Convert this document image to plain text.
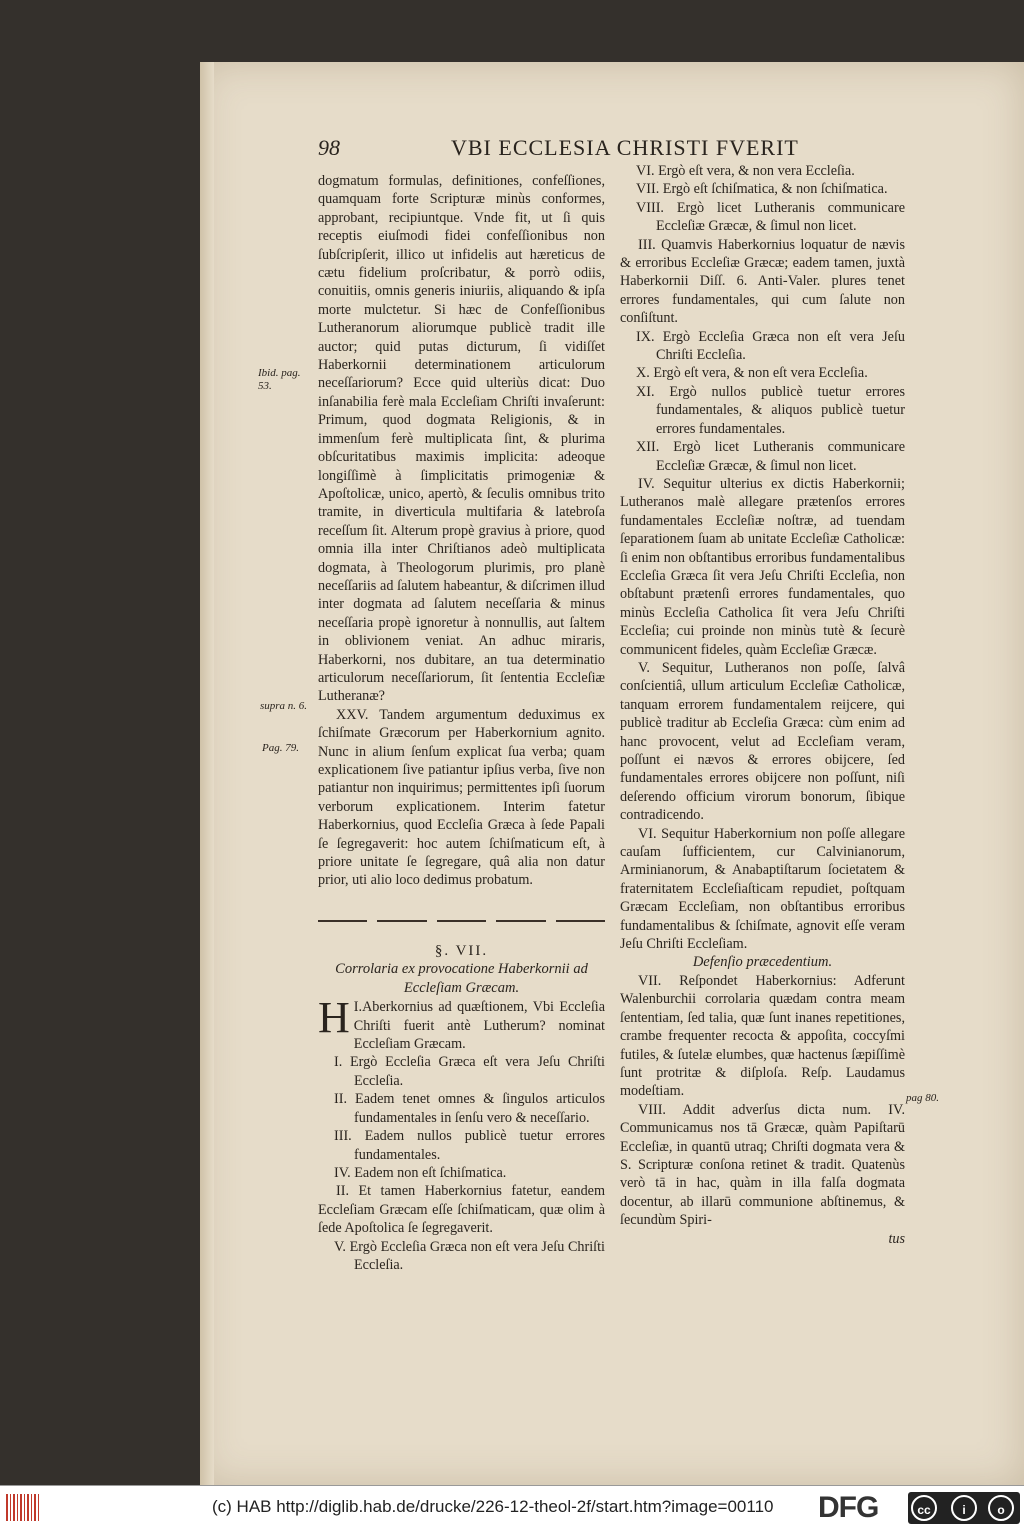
98	VBI ECCLESIA CHRISTI FVERIT
Ibid. pag. 53.
supra n. 6.
Pag. 79.
pag 80.

dogmatum formulas, definitiones, confeſſiones, quamquam forte Scripturæ minùs conformes, approbant, recipiuntque. Vnde fit, ut ſi quis receptis eiuſmodi fidei confeſſionibus non ſubſcripſerit, illico ut infidelis aut hæreticus de cætu fidelium proſcribatur, & porrò odiis, conuitiis, omnis generis iniuriis, aliquando & ipſa morte mulctetur. Si hæc de Confeſſionibus Lutheranorum aliorumque publicè tradit ille auctor; quid putas dicturum, ſi vidiſſet Haberkornii determinationem articulorum neceſſariorum? Ecce quid ulteriùs dicat: Duo inſanabilia ferè mala Eccleſiam Chriſti invaſerunt: Primum, quod dogmata Religionis, & in immenſum ferè multiplicata ſint, & plurima obſcuritatibus maximis implicita: adeoque longiſſimè à ſimplicitatis primogeniæ & Apoſtolicæ, unico, apertò, & ſeculis omnibus trito tramite, in diverticula multifaria & latebroſa receſſum ſit. Alterum propè gravius à priore, quod omnia illa inter Chriſtianos adeò multiplicata dogmata, à Theologorum plurimis, pro planè neceſſariis ad ſalutem habeantur, & diſcrimen illud inter dogmata ad ſalutem neceſſaria & minus neceſſaria propè ignoretur à nonnullis, aut ſaltem in oblivionem veniat. An adhuc miraris, Haberkorni, nos dubitare, an tua determinatio articulorum neceſſariorum, ſit ſententia Eccleſiæ Lutheranæ?

XXV. Tandem argumentum deduximus ex ſchiſmate Græcorum per Haberkornium agnito. Nunc in alium ſenſum explicat ſua verba; quam explicationem ſive patiantur ipſius verba, ſive non patiantur non inquirimus; permittentes ipſi ſuorum verborum explicationem. Interim fatetur Haberkornius, quod Eccleſia Græca à ſede Papali ſe ſegregaverit: hoc autem ſchiſmaticum eſt, à priore unitate ſe ſegregare, quâ alia non datur prior, uti alio loco dedimus probatum.

§. VII.

Corrolaria ex provocatione Haberkornii ad Eccleſiam Græcam.

I.
H Aberkornius ad quæſtionem, Vbi Eccleſia Chriſti fuerit antè Lutherum? nominat Eccleſiam Græcam.

I. Ergò Eccleſia Græca eſt vera Jeſu Chriſti Eccleſia.

II. Eadem tenet omnes & ſingulos articulos fundamentales in ſenſu vero & neceſſario.

III. Eadem nullos publicè tuetur errores fundamentales.

IV. Eadem non eſt ſchiſmatica.

II. Et tamen Haberkornius fatetur, eandem Eccleſiam Græcam eſſe ſchiſmaticam, quæ olim à ſede Apoſtolica ſe ſegregaverit.

V. Ergò Eccleſia Græca non eſt vera Jeſu Chriſti Eccleſia.

VI. Ergò eſt vera, & non vera Eccleſia.

VII. Ergò eſt ſchiſmatica, & non ſchiſmatica.

VIII. Ergò licet Lutheranis communicare Eccleſiæ Græcæ, & ſimul non licet.

III. Quamvis Haberkornius loquatur de nævis & erroribus Eccleſiæ Græcæ; eadem tamen, juxtà Haberkornii Diſſ. 6. Anti-Valer. plures tenet errores fundamentales, qui cum ſalute non conſiſtunt.

IX. Ergò Eccleſia Græca non eſt vera Jeſu Chriſti Eccleſia.

X. Ergò eſt vera, & non eſt vera Eccleſia.

XI. Ergò nullos publicè tuetur errores fundamentales, & aliquos publicè tuetur errores fundamentales.

XII. Ergò licet Lutheranis communicare Eccleſiæ Græcæ, & ſimul non licet.

IV. Sequitur ulterius ex dictis Haberkornii; Lutheranos malè allegare prætenſos errores fundamentales Eccleſiæ noſtræ, ad tuendam ſeparationem ſuam ab unitate Eccleſiæ Catholicæ: ſi enim non obſtantibus erroribus fundamentalibus Eccleſia Græca ſit vera Jeſu Chriſti Eccleſia, non obſtabunt prætenſi errores fundamentales, quo minùs Eccleſia Catholica ſit vera Jeſu Chriſti Eccleſia; cui proinde non minùs tutè & ſecurè communicent fideles, quàm Eccleſiæ Græcæ.

V. Sequitur, Lutheranos non poſſe, ſalvâ conſcientiâ, ullum articulum Eccleſiæ Catholicæ, tanquam errorem fundamentalem reijcere, qui publicè traditur ab Eccleſia Græca: cùm enim ad hanc provocent, velut ad Eccleſiam veram, poſſunt ei nævos & errores obijcere, ſed fundamentales errores obijcere non poſſunt, niſi deſerendo officium virorum bonorum, ſibique contradicendo.

VI. Sequitur Haberkornium non poſſe allegare cauſam ſufficientem, cur Calvinianorum, Arminianorum, & Anabaptiſtarum ſocietatem & fraternitatem Eccleſiaſticam repudiet, poſtquam Græcam Eccleſiam, non obſtantibus erroribus fundamentalibus & ſchiſmate, agnovit eſſe veram Jeſu Chriſti Eccleſiam.

Defenſio præcedentium.

VII. Reſpondet Haberkornius: Adferunt Walenburchii corrolaria quædam contra meam ſententiam, ſed talia, quæ ſunt inanes repetitiones, crambe frequenter recocta & appoſita, coccyſmi futiles, & ſutelæ elumbes, quæ hactenus ſæpiſſimè ſunt protritæ & diſploſa. Reſp. Laudamus modeſtiam.

VIII. Addit adverſus dicta num. IV. Communicamus nos tā Græcæ, quàm Papiſtarū Eccleſiæ, in quantū utraq; Chriſti dogmata vera & S. Scripturæ conſona retinet & tradit. Quatenùs verò tā in hac, quàm in illa falſa dogmata docentur, ab illarū communione abſtinemus, & ſecundùm Spiri-

tus

(c) HAB http://diglib.hab.de/drucke/226-12-theol-2f/start.htm?image=00110 DFG	cc	i	o
